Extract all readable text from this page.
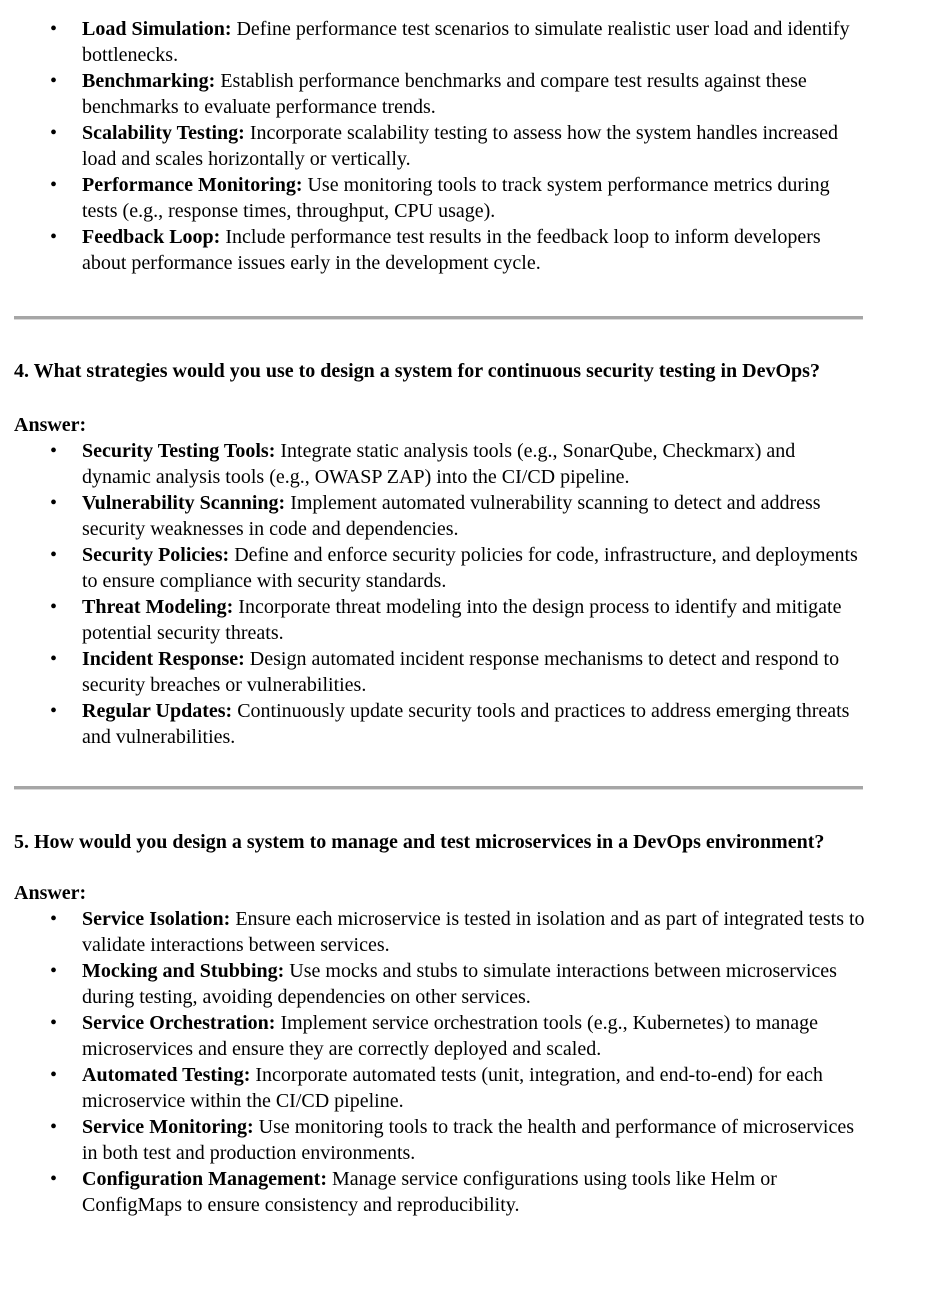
• Load Simulation: Define performance test scenarios to simulate realistic user load and identify bottlenecks.
• Benchmarking: Establish performance benchmarks and compare test results against these benchmarks to evaluate performance trends.
• Scalability Testing: Incorporate scalability testing to assess how the system handles increased load and scales horizontally or vertically.
• Performance Monitoring: Use monitoring tools to track system performance metrics during tests (e.g., response times, throughput, CPU usage).
• Feedback Loop: Include performance test results in the feedback loop to inform developers about performance issues early in the development cycle.

4. What strategies would you use to design a system for continuous security testing in DevOps?

Answer:

• Security Testing Tools: Integrate static analysis tools (e.g., SonarQube, Checkmarx) and dynamic analysis tools (e.g., OWASP ZAP) into the CI/CD pipeline.
• Vulnerability Scanning: Implement automated vulnerability scanning to detect and address security weaknesses in code and dependencies.
• Security Policies: Define and enforce security policies for code, infrastructure, and deployments to ensure compliance with security standards.
• Threat Modeling: Incorporate threat modeling into the design process to identify and mitigate potential security threats.
• Incident Response: Design automated incident response mechanisms to detect and respond to security breaches or vulnerabilities.
• Regular Updates: Continuously update security tools and practices to address emerging threats and vulnerabilities.

5. How would you design a system to manage and test microservices in a DevOps environment?

Answer:

• Service Isolation: Ensure each microservice is tested in isolation and as part of integrated tests to validate interactions between services.
• Mocking and Stubbing: Use mocks and stubs to simulate interactions between microservices during testing, avoiding dependencies on other services.
• Service Orchestration: Implement service orchestration tools (e.g., Kubernetes) to manage microservices and ensure they are correctly deployed and scaled.
• Automated Testing: Incorporate automated tests (unit, integration, and end-to-end) for each microservice within the CI/CD pipeline.
• Service Monitoring: Use monitoring tools to track the health and performance of microservices in both test and production environments.
• Configuration Management: Manage service configurations using tools like Helm or ConfigMaps to ensure consistency and reproducibility.
